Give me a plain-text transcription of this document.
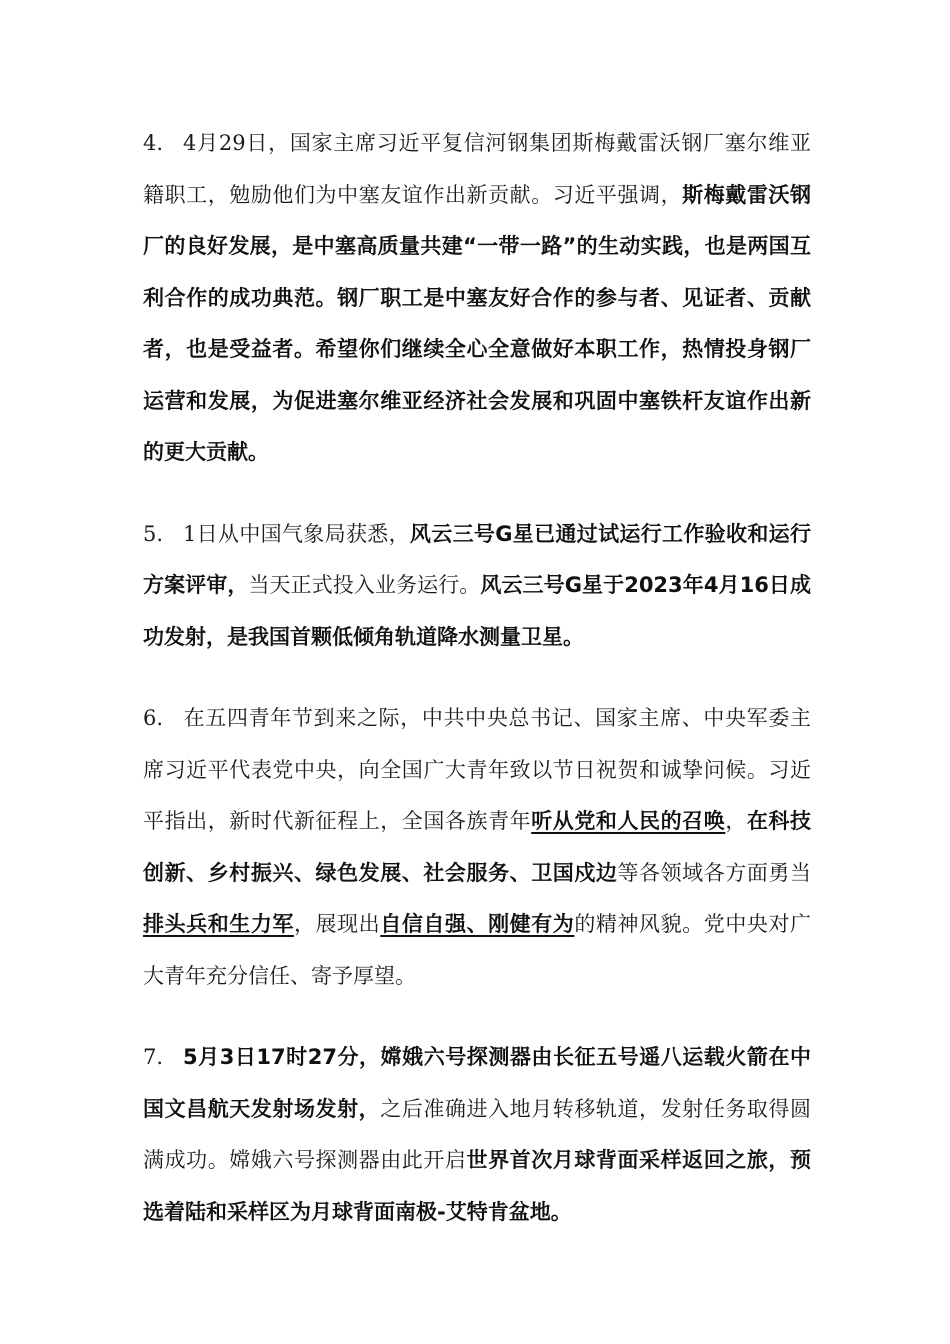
4. 4月29日，国家主席习近平复信河钢集团斯梅戴雷沃钢厂塞尔维亚籍职工，勉励他们为中塞友谊作出新贡献。习近平强调，斯梅戴雷沃钢厂的良好发展，是中塞高质量共建“一带一路”的生动实践，也是两国互利合作的成功典范。钢厂职工是中塞友好合作的参与者、见证者、贡献者，也是受益者。希望你们继续全心全意做好本职工作，热情投身钢厂运营和发展，为促进塞尔维亚经济社会发展和巩固中塞铁杆友谊作出新的更大贡献。

5. 1日从中国气象局获悉，风云三号G星已通过试运行工作验收和运行方案评审，当天正式投入业务运行。风云三号G星于2023年4月16日成功发射，是我国首颗低倾角轨道降水测量卫星。

6. 在五四青年节到来之际，中共中央总书记、国家主席、中央军委主席习近平代表党中央，向全国广大青年致以节日祝贺和诚挚问候。习近平指出，新时代新征程上，全国各族青年听从党和人民的召唤，在科技创新、乡村振兴、绿色发展、社会服务、卫国戍边等各领域各方面勇当排头兵和生力军，展现出自信自强、刚健有为的精神风貌。党中央对广大青年充分信任、寄予厚望。

7. 5月3日17时27分，嫦娥六号探测器由长征五号遥八运载火箭在中国文昌航天发射场发射，之后准确进入地月转移轨道，发射任务取得圆满成功。嫦娥六号探测器由此开启世界首次月球背面采样返回之旅，预选着陆和采样区为月球背面南极-艾特肯盆地。
